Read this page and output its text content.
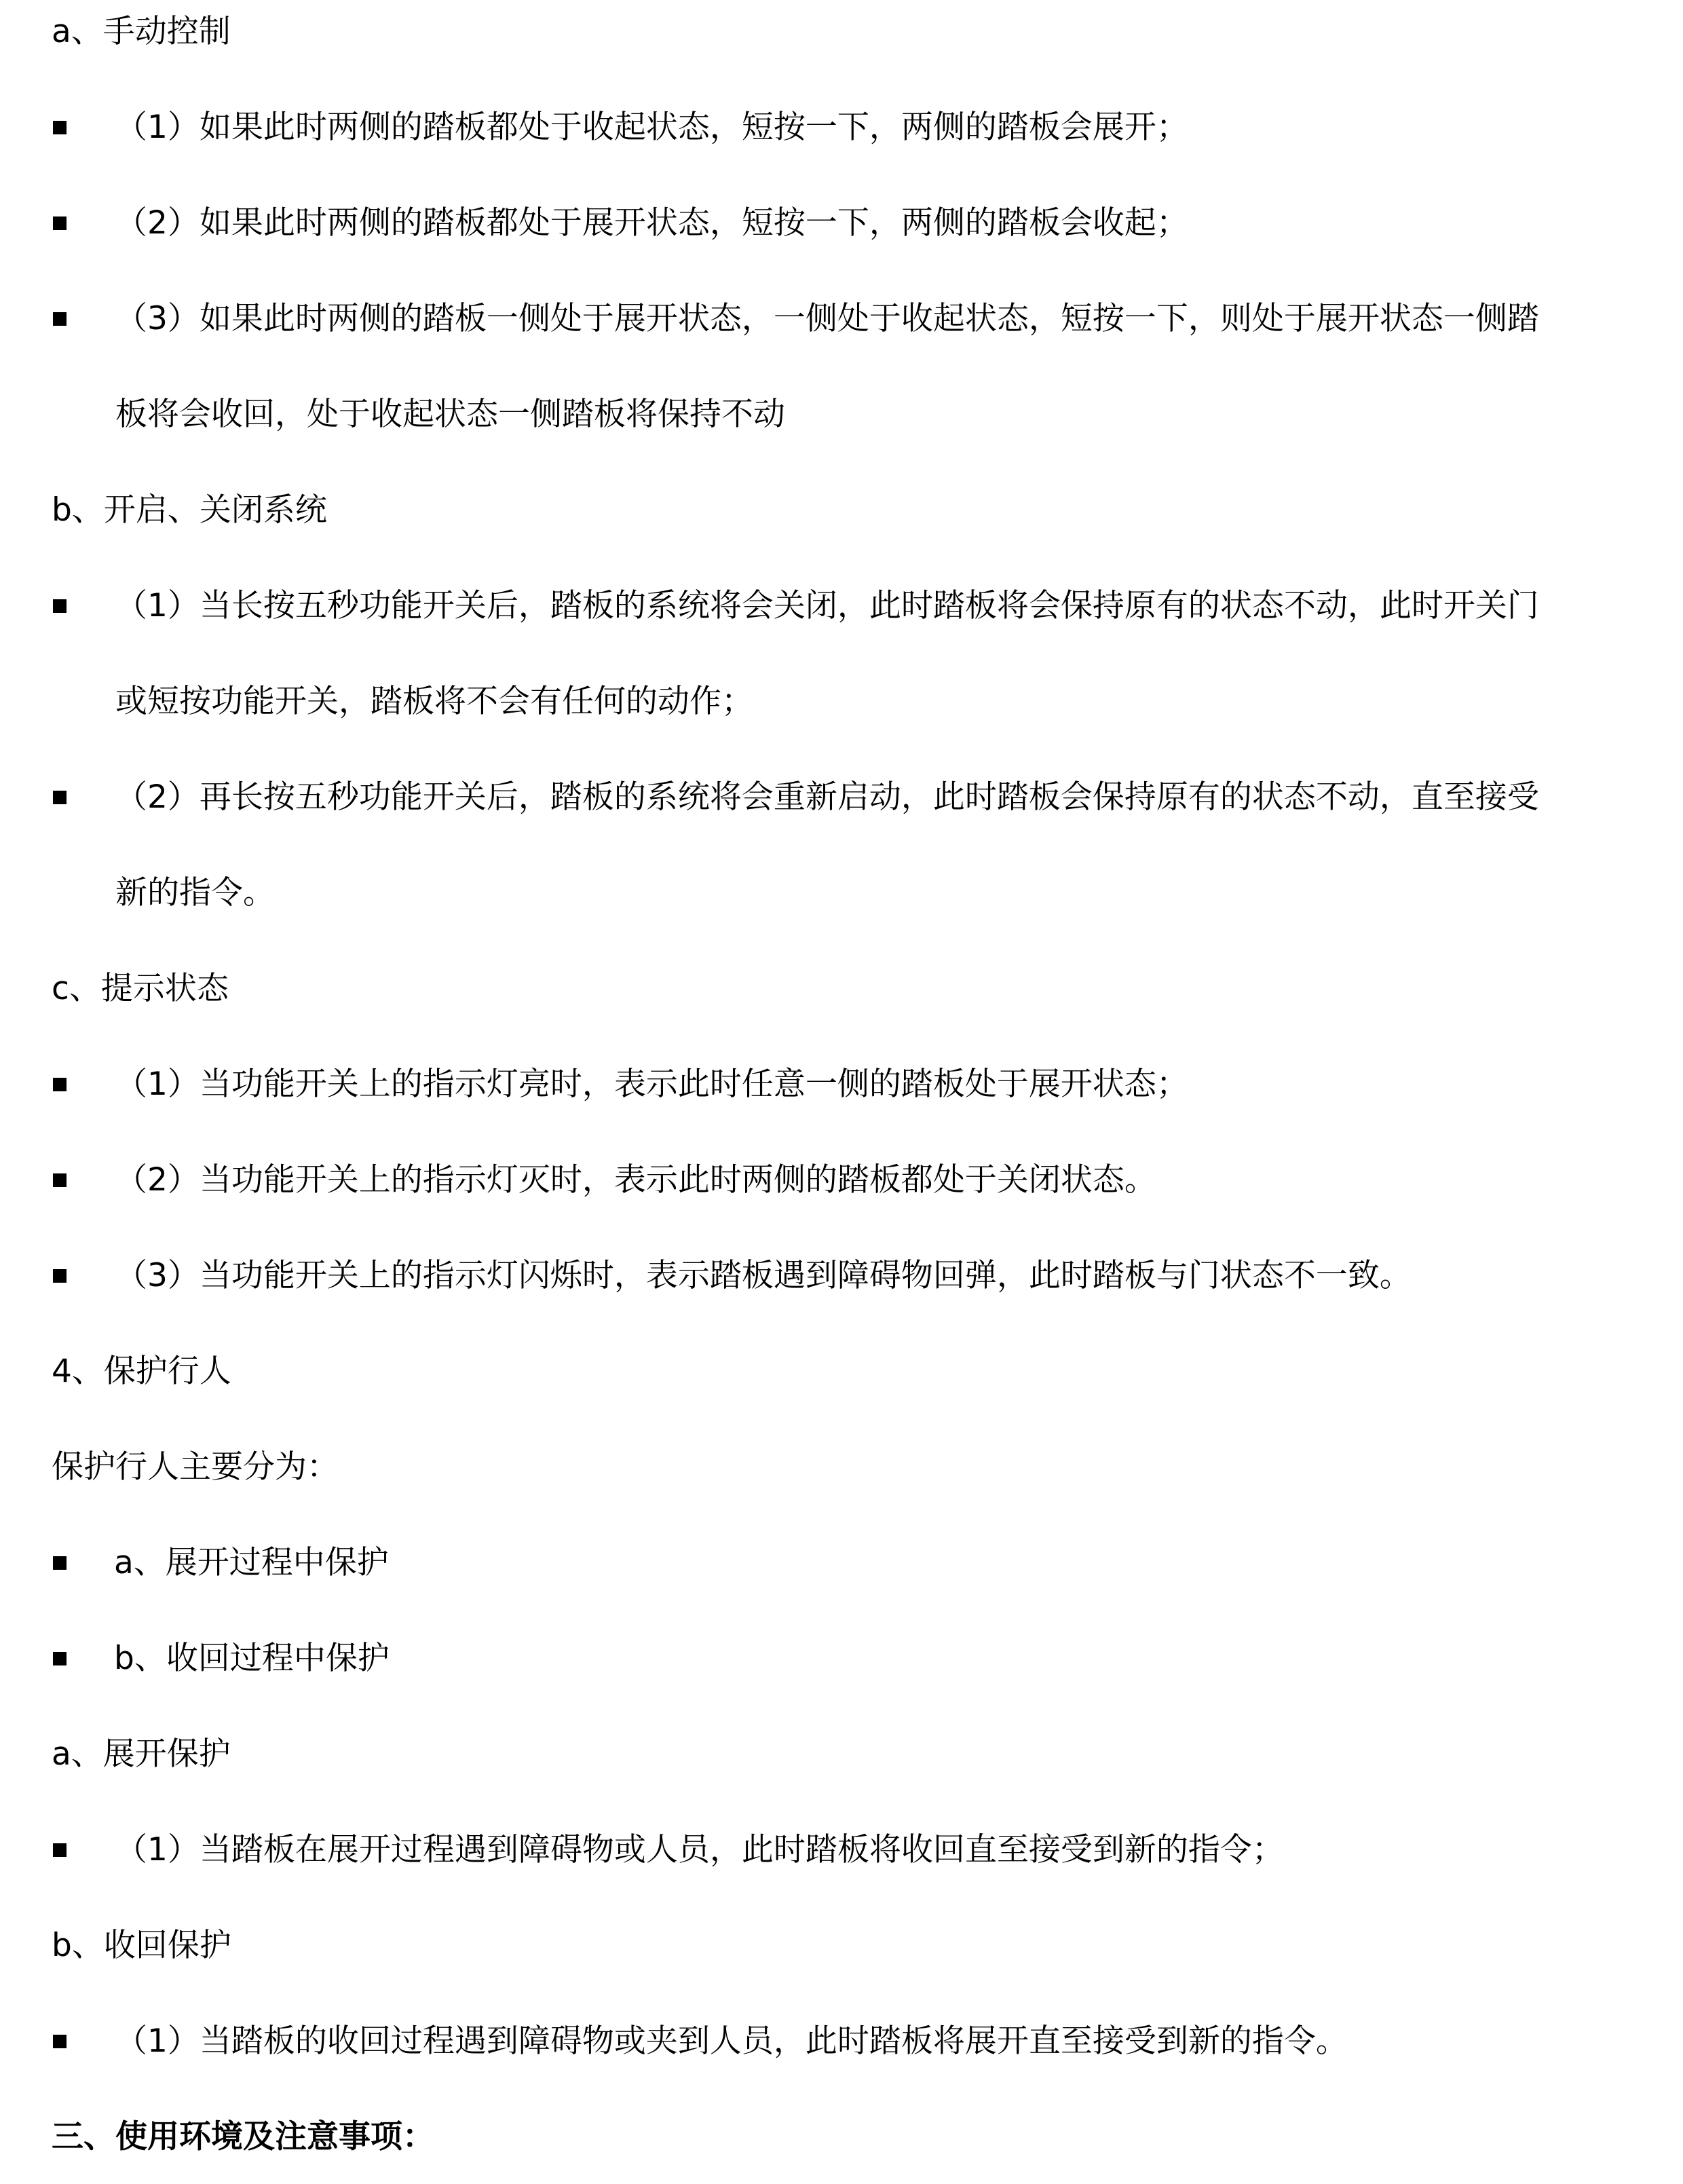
a、手动控制
（1）如果此时两侧的踏板都处于收起状态，短按一下，两侧的踏板会展开；
（2）如果此时两侧的踏板都处于展开状态，短按一下，两侧的踏板会收起；
（3）如果此时两侧的踏板一侧处于展开状态，一侧处于收起状态，短按一下，则处于展开状态一侧踏
板将会收回，处于收起状态一侧踏板将保持不动
b、开启、关闭系统
（1）当长按五秒功能开关后，踏板的系统将会关闭，此时踏板将会保持原有的状态不动，此时开关门
或短按功能开关，踏板将不会有任何的动作；
（2）再长按五秒功能开关后，踏板的系统将会重新启动，此时踏板会保持原有的状态不动，直至接受
新的指令。
c、提示状态
（1）当功能开关上的指示灯亮时，表示此时任意一侧的踏板处于展开状态；
（2）当功能开关上的指示灯灭时，表示此时两侧的踏板都处于关闭状态。
（3）当功能开关上的指示灯闪烁时，表示踏板遇到障碍物回弹，此时踏板与门状态不一致。
4、保护行人
保护行人主要分为：
a、展开过程中保护
b、收回过程中保护
a、展开保护
（1）当踏板在展开过程遇到障碍物或人员，此时踏板将收回直至接受到新的指令；
b、收回保护
（1）当踏板的收回过程遇到障碍物或夹到人员，此时踏板将展开直至接受到新的指令。
三、使用环境及注意事项：
